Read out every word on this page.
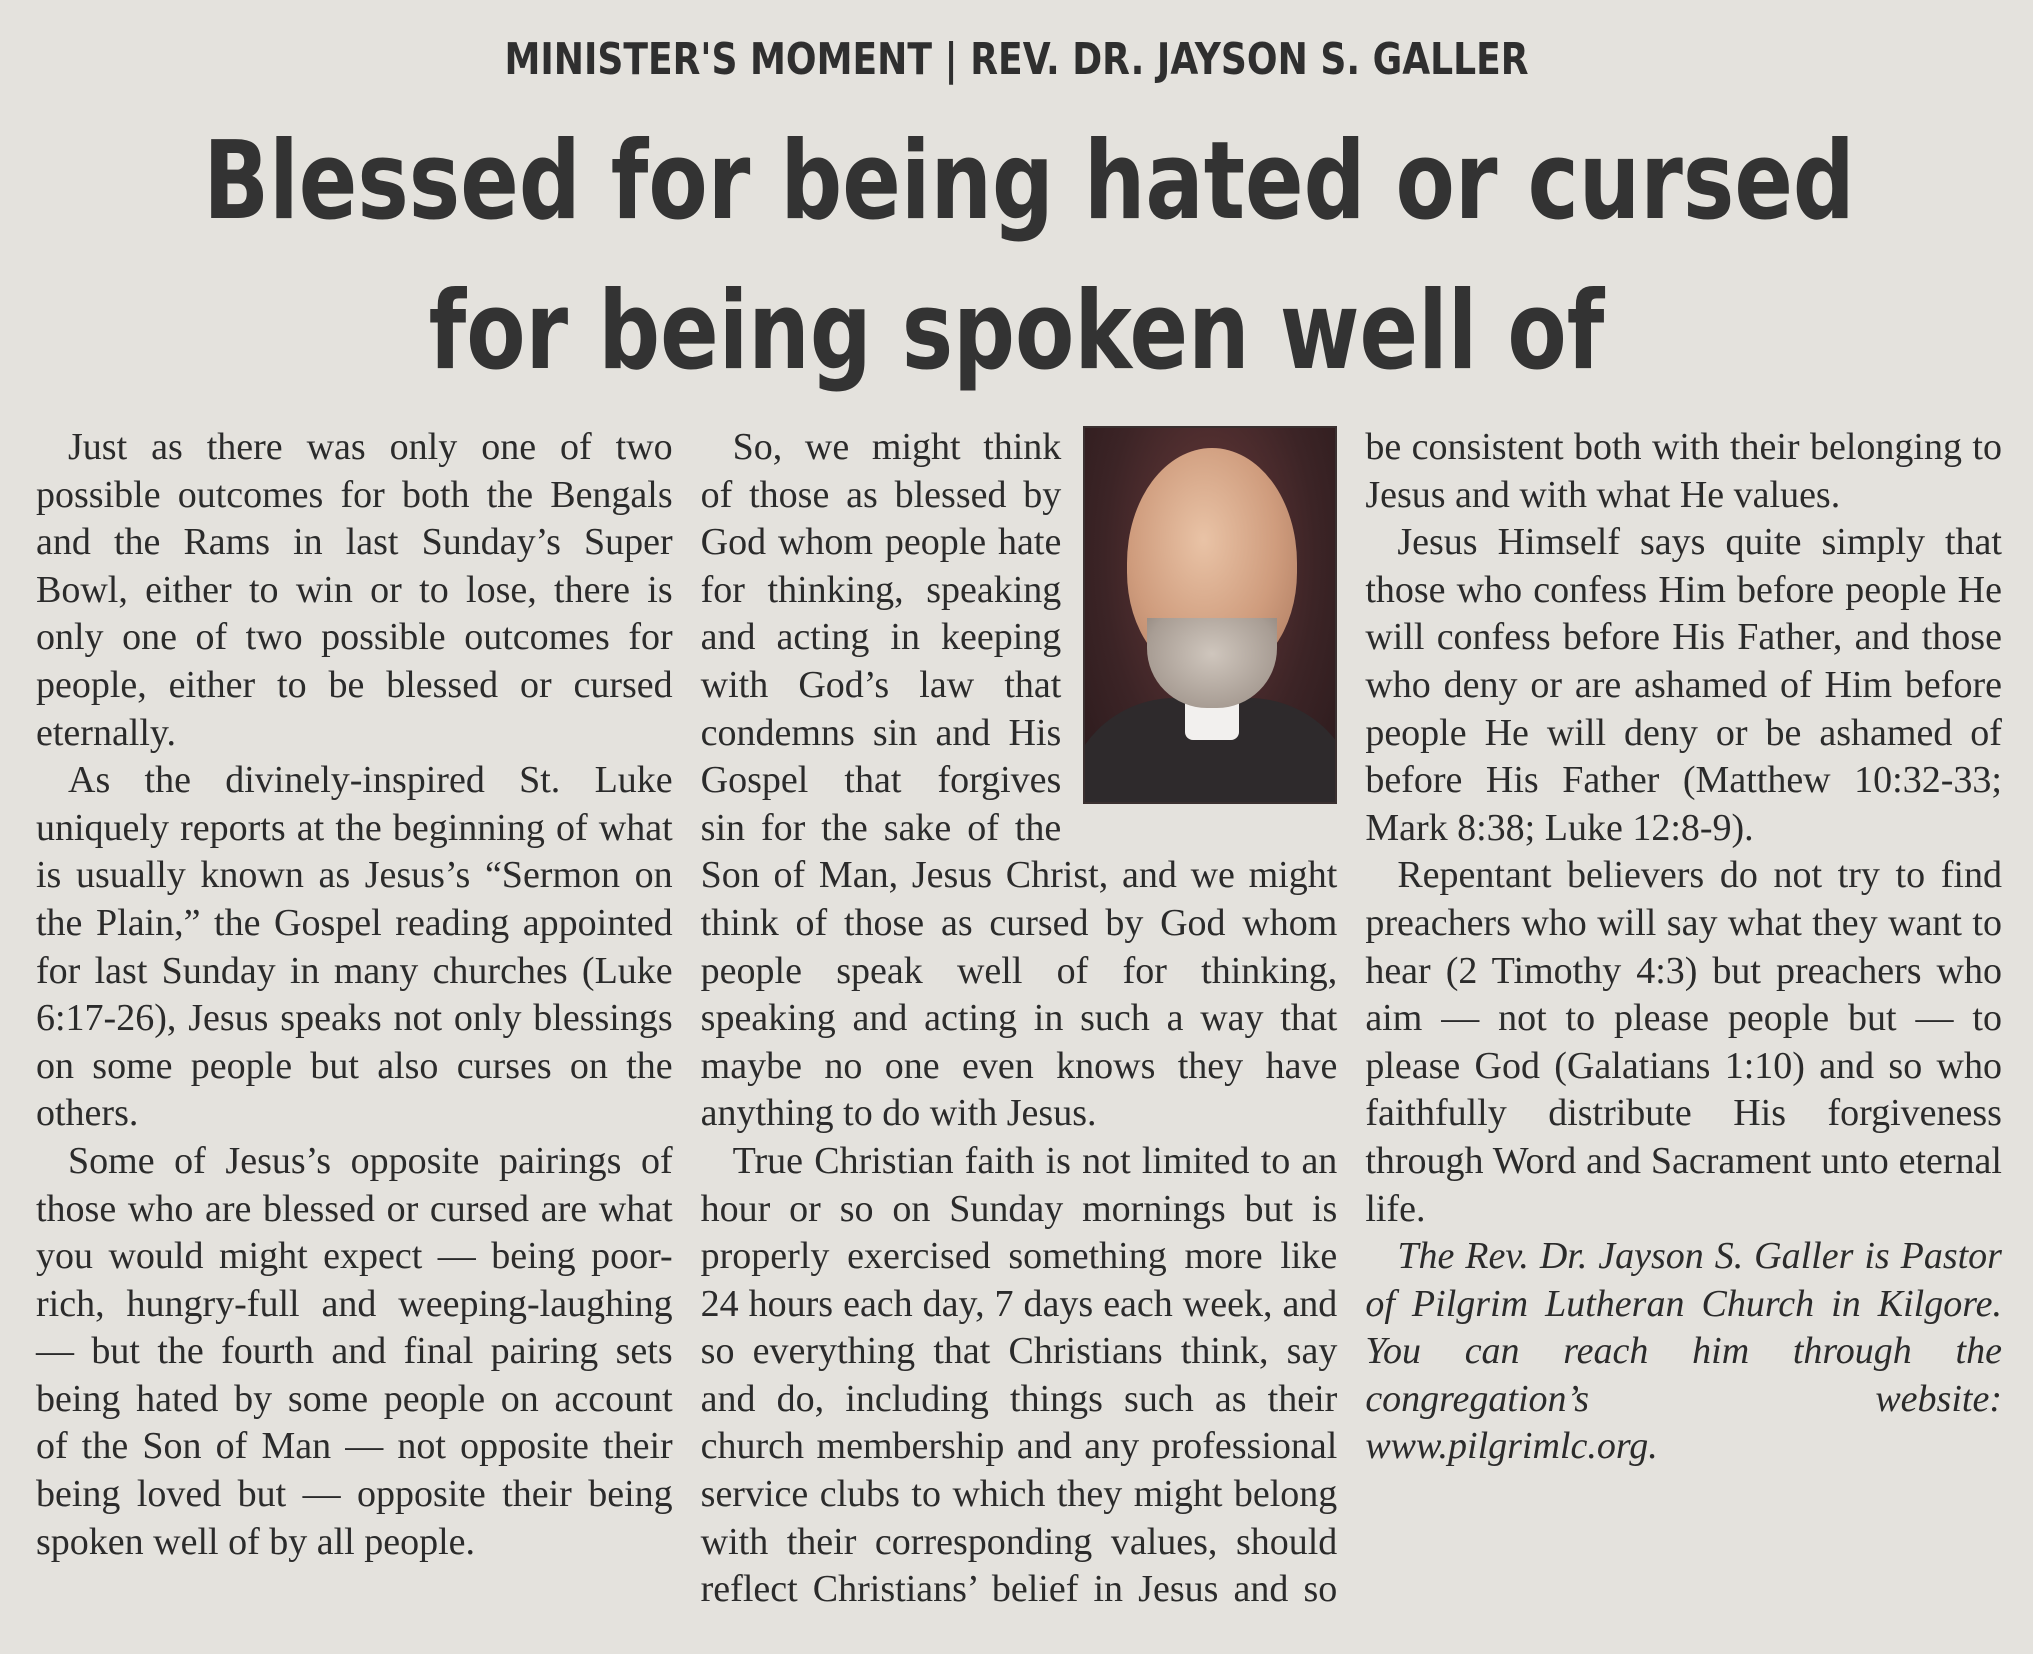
MINISTER'S MOMENT | REV. DR. JAYSON S. GALLER
Blessed for being hated or cursed
for being spoken well of

Just as there was only one of two possible outcomes for both the Bengals and the Rams in last Sunday’s Super Bowl, either to win or to lose, there is only one of two possible outcomes for people, either to be blessed or cursed eternally.

As the divinely-inspired St. Luke uniquely reports at the beginning of what is usually known as Jesus’s “Sermon on the Plain,” the Gospel reading appointed for last Sunday in many churches (Luke 6:17-26), Jesus speaks not only blessings on some people but also curses on the others.

Some of Jesus’s opposite pairings of those who are blessed or cursed are what you would might expect — being poor-rich, hungry-full and weeping-laughing — but the fourth and final pairing sets being hated by some people on account of the Son of Man — not opposite their being loved but — opposite their being spoken well of by all people.

So, we might think of those as blessed by God whom people hate for thinking, speaking and acting in keeping with God’s law that condemns sin and His Gospel that forgives sin for the sake of the Son of Man, Jesus Christ, and we might think of those as cursed by God whom people speak well of for thinking, speaking and acting in such a way that maybe no one even knows they have anything to do with Jesus.

True Christian faith is not limited to an hour or so on Sunday mornings but is properly exercised something more like 24 hours each day, 7 days each week, and so everything that Christians think, say and do, including things such as their church membership and any professional service clubs to which they might belong with their corresponding values, should reflect Christians’ belief in Jesus and so be consistent both with their belonging to Jesus and with what He values.

Jesus Himself says quite simply that those who confess Him before people He will confess before His Father, and those who deny or are ashamed of Him before people He will deny or be ashamed of before His Father (Matthew 10:32-33; Mark 8:38; Luke 12:8-9).

Repentant believers do not try to find preachers who will say what they want to hear (2 Timothy 4:3) but preachers who aim — not to please people but — to please God (Galatians 1:10) and so who faithfully distribute His forgiveness through Word and Sacrament unto eternal life.

The Rev. Dr. Jayson S. Galler is Pastor of Pilgrim Lutheran Church in Kilgore. You can reach him through the congregation’s website: www.pilgrimlc.org.
